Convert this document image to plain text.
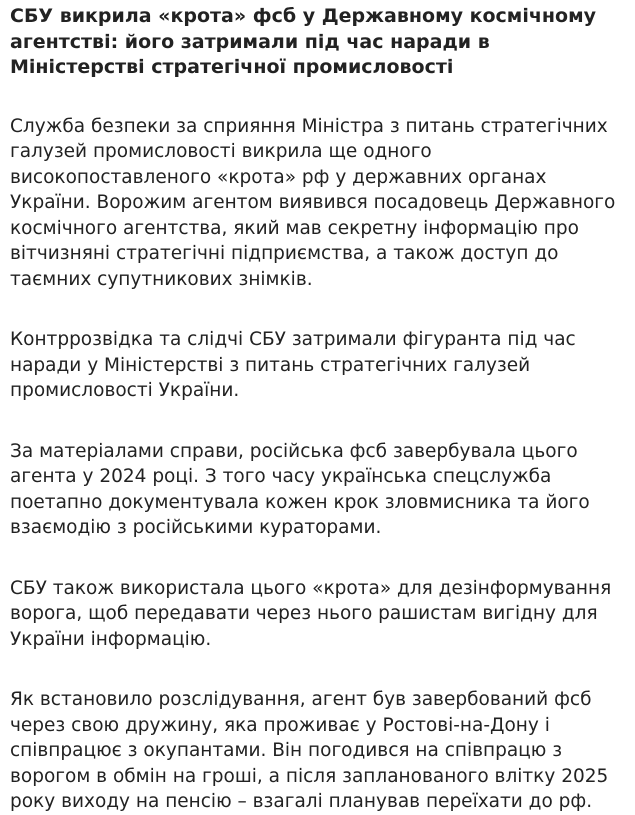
СБУ викрила «крота» фсб у Державному космічному агентстві: його затримали під час наради в Міністерстві стратегічної промисловості

Служба безпеки за сприяння Міністра з питань стратегічних галузей промисловості викрила ще одного високопоставленого «крота» рф у державних органах України. Ворожим агентом виявився посадовець Державного космічного агентства, який мав секретну інформацію про вітчизняні стратегічні підприємства, а також доступ до таємних супутникових знімків.

Контррозвідка та слідчі СБУ затримали фігуранта під час наради у Міністерстві з питань стратегічних галузей промисловості України.

За матеріалами справи, російська фсб завербувала цього агента у 2024 році. З того часу українська спецслужба поетапно документувала кожен крок зловмисника та його взаємодію з російськими кураторами.

СБУ також використала цього «крота» для дезінформування ворога, щоб передавати через нього рашистам вигідну для України інформацію.

Як встановило розслідування, агент був завербований фсб через свою дружину, яка проживає у Ростові-на-Дону і співпрацює з окупантами. Він погодився на співпрацю з ворогом в обмін на гроші, а після запланованого влітку 2025 року виходу на пенсію – взагалі планував переїхати до рф.
